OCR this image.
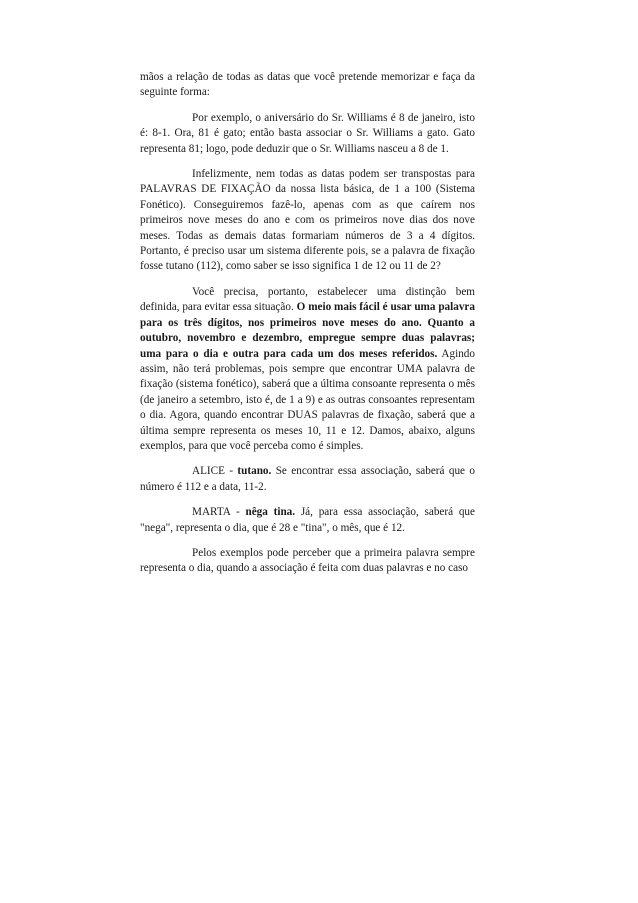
mãos a relação de todas as datas que você pretende memorizar e faça da seguinte forma:

Por exemplo, o aniversário do Sr. Williams é 8 de janeiro, isto é: 8-1. Ora, 81 é gato; então basta associar o Sr. Williams a gato. Gato representa 81; logo, pode deduzir que o Sr. Williams nasceu a 8 de 1.

Infelizmente, nem todas as datas podem ser transpostas para PALAVRAS DE FIXAÇÃO da nossa lista básica, de 1 a 100 (Sistema Fonético). Conseguiremos fazê-lo, apenas com as que caírem nos primeiros nove meses do ano e com os primeiros nove dias dos nove meses. Todas as demais datas formariam números de 3 a 4 dígitos. Portanto, é preciso usar um sistema diferente pois, se a palavra de fixação fosse tutano (112), como saber se isso significa 1 de 12 ou 11 de 2?

Você precisa, portanto, estabelecer uma distinção bem definida, para evitar essa situação. O meio mais fácil é usar uma palavra para os três dígitos, nos primeiros nove meses do ano. Quanto a outubro, novembro e dezembro, empregue sempre duas palavras; uma para o dia e outra para cada um dos meses referidos. Agindo assim, não terá problemas, pois sempre que encontrar UMA palavra de fixação (sistema fonético), saberá que a última consoante representa o mês (de janeiro a setembro, isto é, de 1 a 9) e as outras consoantes representam o dia. Agora, quando encontrar DUAS palavras de fixação, saberá que a última sempre representa os meses 10, 11 e 12. Damos, abaixo, alguns exemplos, para que você perceba como é simples.

ALICE - tutano. Se encontrar essa associação, saberá que o número é 112 e a data, 11-2.

MARTA - nêga tina. Já, para essa associação, saberá que "nega", representa o dia, que é 28 e "tina", o mês, que é 12.

Pelos exemplos pode perceber que a primeira palavra sempre representa o dia, quando a associação é feita com duas palavras e no caso
